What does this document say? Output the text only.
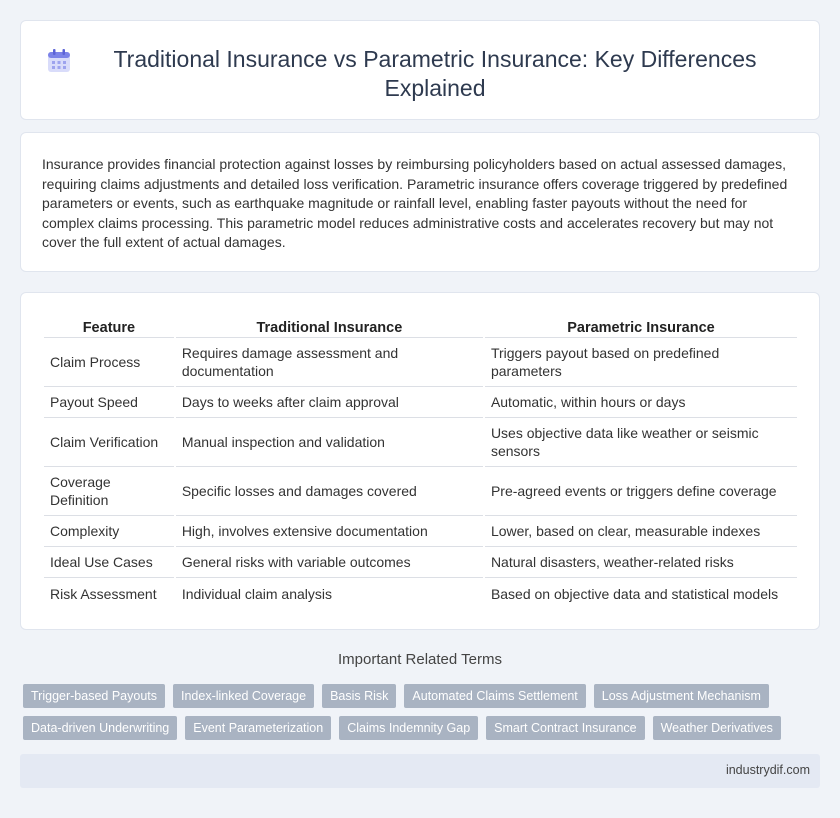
Traditional Insurance vs Parametric Insurance: Key Differences Explained

Insurance provides financial protection against losses by reimbursing policyholders based on actual assessed damages, requiring claims adjustments and detailed loss verification. Parametric insurance offers coverage triggered by predefined parameters or events, such as earthquake magnitude or rainfall level, enabling faster payouts without the need for complex claims processing. This parametric model reduces administrative costs and accelerates recovery but may not cover the full extent of actual damages.

Feature	Traditional Insurance	Parametric Insurance
Claim Process	Requires damage assessment and documentation	Triggers payout based on predefined parameters
Payout Speed	Days to weeks after claim approval	Automatic, within hours or days
Claim Verification	Manual inspection and validation	Uses objective data like weather or seismic sensors
Coverage Definition	Specific losses and damages covered	Pre-agreed events or triggers define coverage
Complexity	High, involves extensive documentation	Lower, based on clear, measurable indexes
Ideal Use Cases	General risks with variable outcomes	Natural disasters, weather-related risks
Risk Assessment	Individual claim analysis	Based on objective data and statistical models
Important Related Terms
Trigger-based Payouts	Index-linked Coverage	Basis Risk	Automated Claims Settlement	Loss Adjustment Mechanism
Data-driven Underwriting	Event Parameterization	Claims Indemnity Gap	Smart Contract Insurance	Weather Derivatives
industrydif.com
